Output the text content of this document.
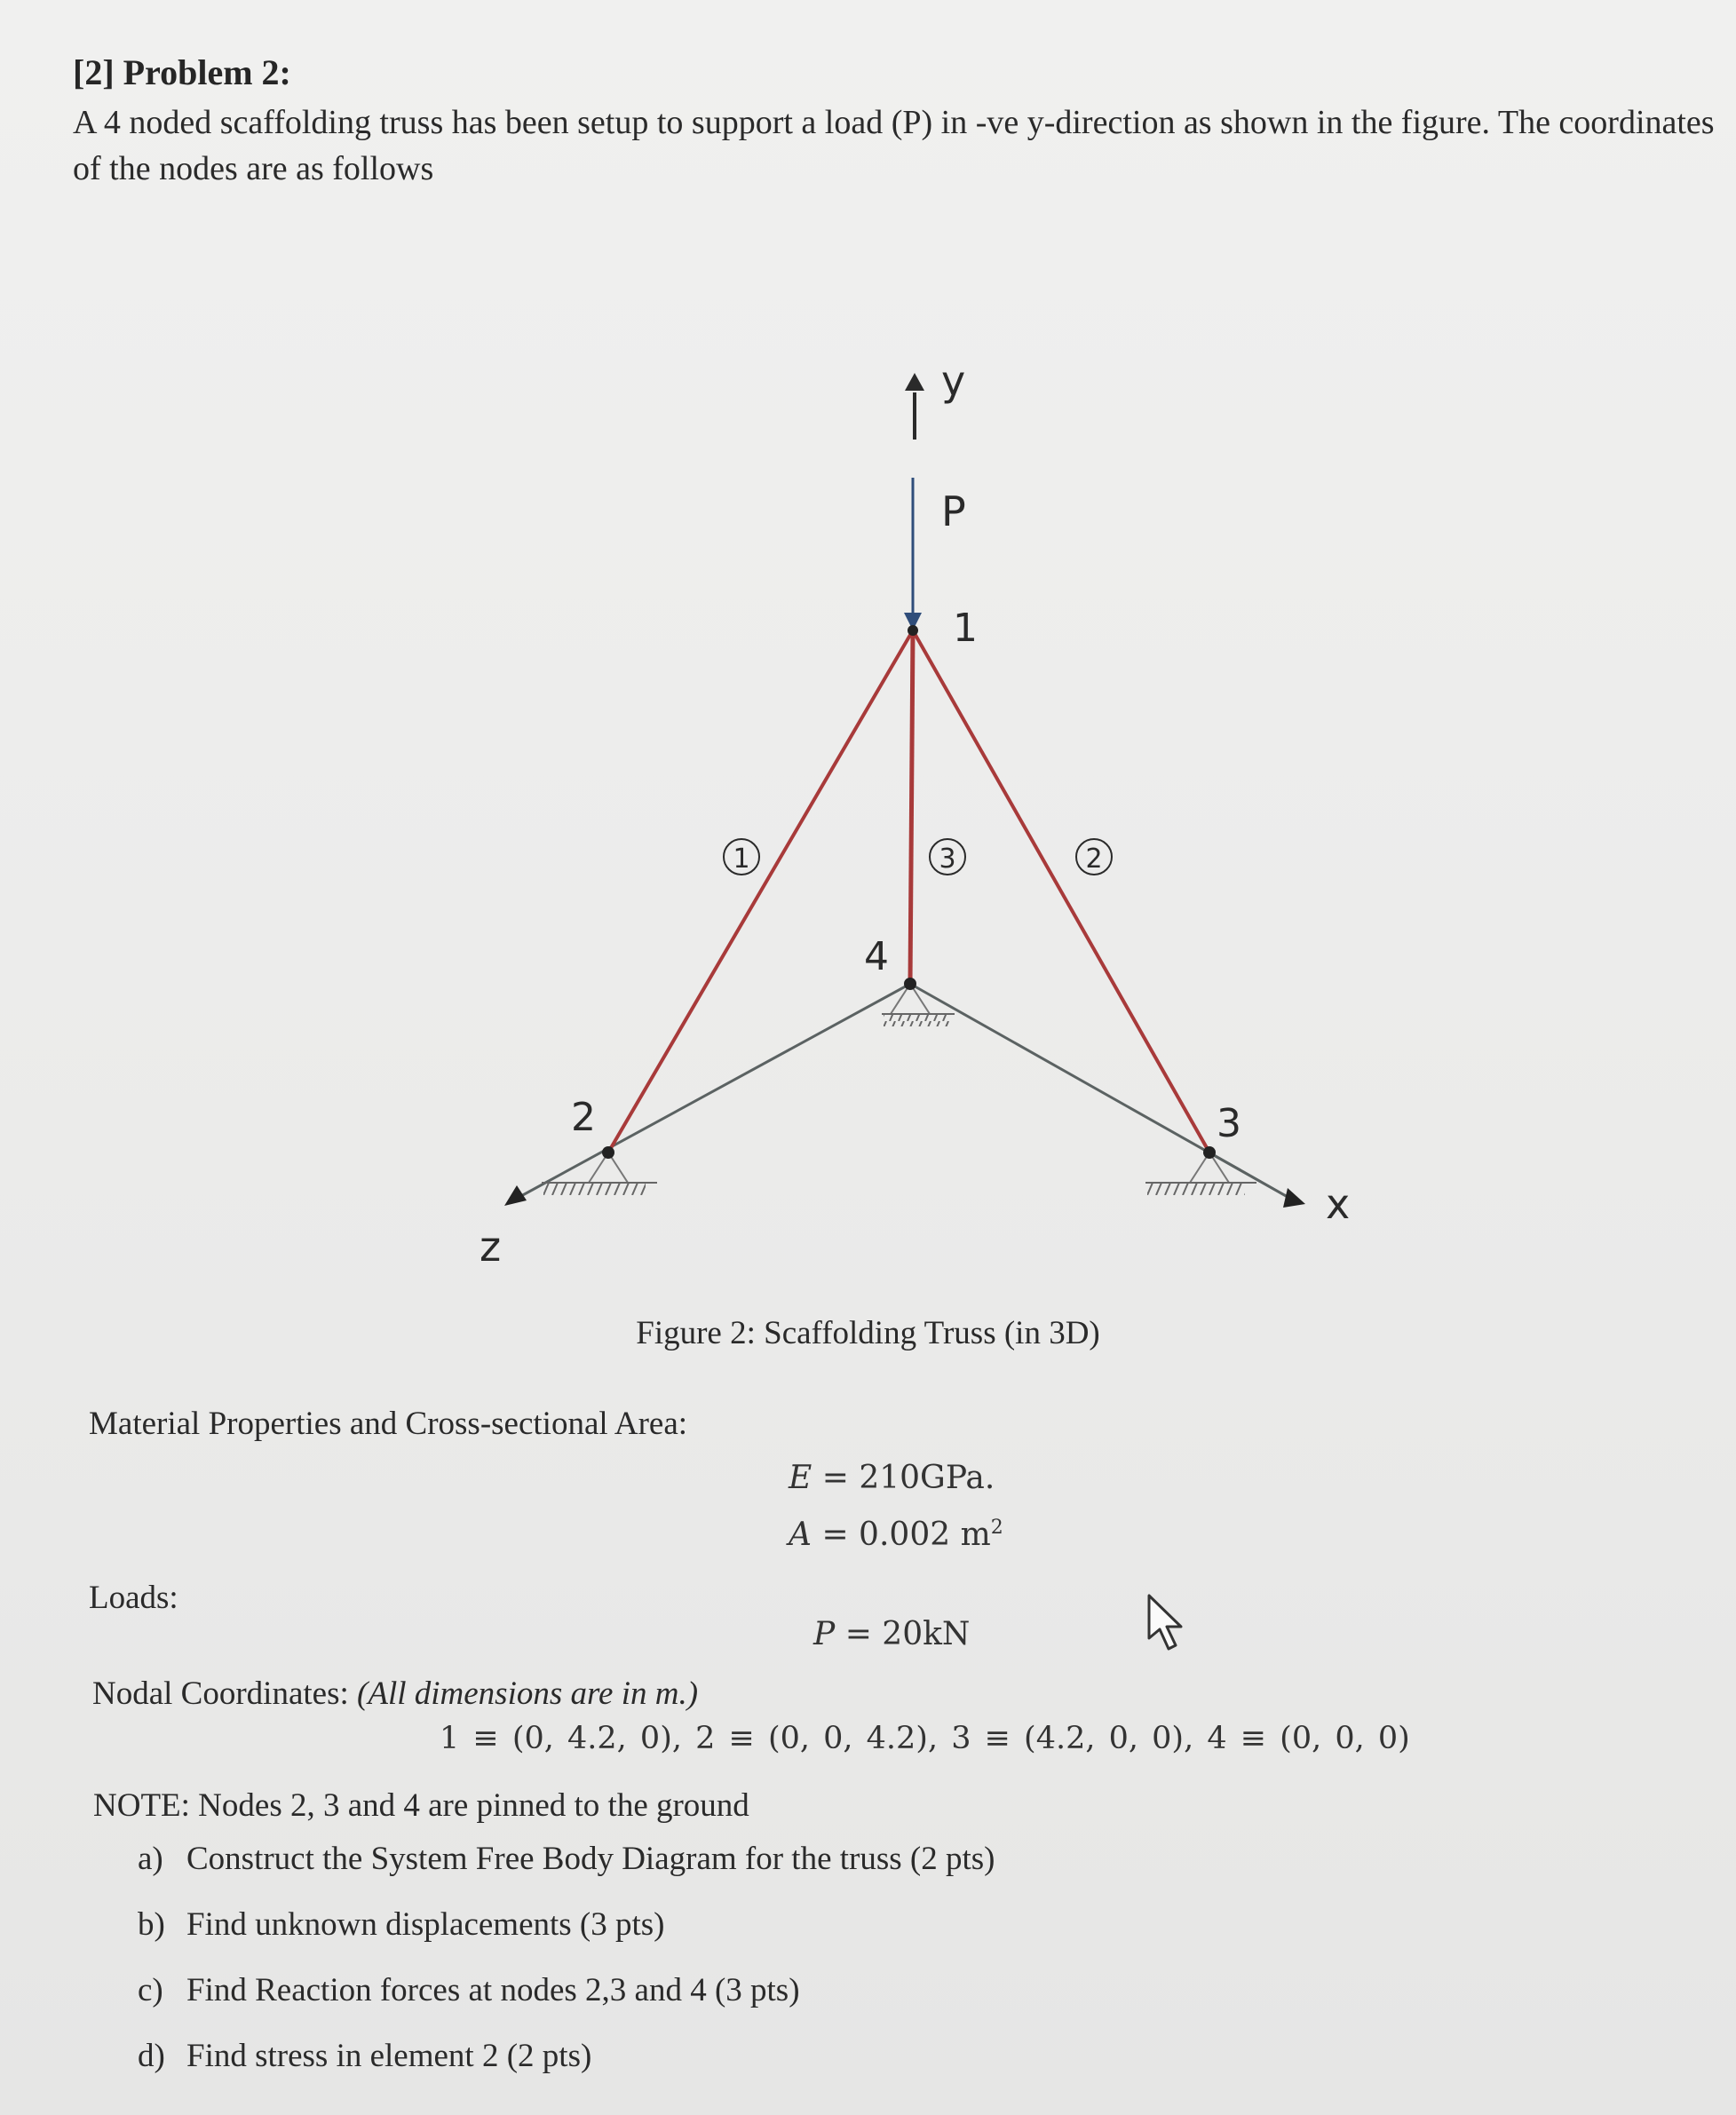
[2] Problem 2:
A 4 noded scaffolding truss has been setup to support a load (P) in -ve y-direction as shown in the figure. The coordinates of the nodes are as follows
y
P
1
2	3
4
1	3	2
x
z
Figure 2: Scaffolding Truss (in 3D)
Material Properties and Cross-sectional Area:
E = 210GPa.
A = 0.002 $m^2$
Loads:
P = 20kN
Nodal Coordinates: (All dimensions are in m.)
1 ≡ (0, 4.2, 0), 2 ≡ (0, 0, 4.2), 3 ≡ (4.2, 0, 0), 4 ≡ (0, 0, 0)
NOTE: Nodes 2, 3 and 4 are pinned to the ground
a) Construct the System Free Body Diagram for the truss (2 pts)
b) Find unknown displacements (3 pts)
c) Find Reaction forces at nodes 2,3 and 4 (3 pts)
d) Find stress in element 2 (2 pts)
